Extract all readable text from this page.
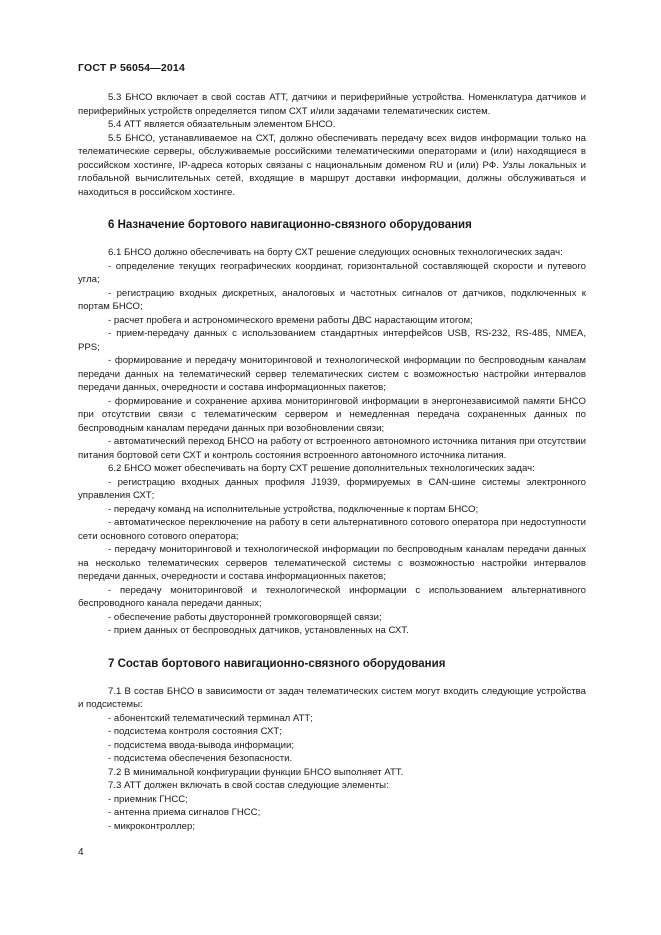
ГОСТ Р 56054—2014

5.3 БНСО включает в свой состав АТТ, датчики и периферийные устройства. Номенклатура датчиков и периферийных устройств определяется типом СХТ и/или задачами телематических систем.

5.4 АТТ является обязательным элементом БНСО.

5.5 БНСО, устанавливаемое на СХТ, должно обеспечивать передачу всех видов информации только на телематические серверы, обслуживаемые российскими телематическими операторами и (или) находящиеся в российском хостинге, IP-адреса которых связаны с национальным доменом RU и (или) РФ. Узлы локальных и глобальной вычислительных сетей, входящие в маршрут доставки информации, должны обслуживаться и находиться в российском хостинге.

6 Назначение бортового навигационно-связного оборудования

6.1 БНСО должно обеспечивать на борту СХТ решение следующих основных технологических задач:

- определение текущих географических координат, горизонтальной составляющей скорости и путевого угла;

- регистрацию входных дискретных, аналоговых и частотных сигналов от датчиков, подключенных к портам БНСО;

- расчет пробега и астрономического времени работы ДВС нарастающим итогом;

- прием-передачу данных с использованием стандартных интерфейсов USB, RS-232, RS-485, NMEA, PPS;

- формирование и передачу мониторинговой и технологической информации по беспроводным каналам передачи данных на телематический сервер телематических систем с возможностью настройки интервалов передачи данных, очередности и состава информационных пакетов;

- формирование и сохранение архива мониторинговой информации в энергонезависимой памяти БНСО при отсутствии связи с телематическим сервером и немедленная передача сохраненных данных по беспроводным каналам передачи данных при возобновлении связи;

- автоматический переход БНСО на работу от встроенного автономного источника питания при отсутствии питания бортовой сети СХТ и контроль состояния встроенного автономного источника питания.

6.2 БНСО может обеспечивать на борту СХТ решение дополнительных технологических задач:

- регистрацию входных данных профиля J1939, формируемых в CAN-шине системы электронного управления СХТ;

- передачу команд на исполнительные устройства, подключенные к портам БНСО;

- автоматическое переключение на работу в сети альтернативного сотового оператора при недоступности сети основного сотового оператора;

- передачу мониторинговой и технологической информации по беспроводным каналам передачи данных на несколько телематических серверов телематической системы с возможностью настройки интервалов передачи данных, очередности и состава информационных пакетов;

- передачу мониторинговой и технологической информации с использованием альтернативного беспроводного канала передачи данных;

- обеспечение работы двусторонней громкоговорящей связи;

- прием данных от беспроводных датчиков, установленных на СХТ.

7 Состав бортового навигационно-связного оборудования

7.1 В состав БНСО в зависимости от задач телематических систем могут входить следующие устройства и подсистемы:

- абонентский телематический терминал АТТ;

- подсистема контроля состояния СХТ;

- подсистема ввода-вывода информации;

- подсистема обеспечения безопасности.

7.2 В минимальной конфигурации функции БНСО выполняет АТТ.

7.3 АТТ должен включать в свой состав следующие элементы:

- приемник ГНСС;

- антенна приема сигналов ГНСС;

- микроконтроллер;

4
